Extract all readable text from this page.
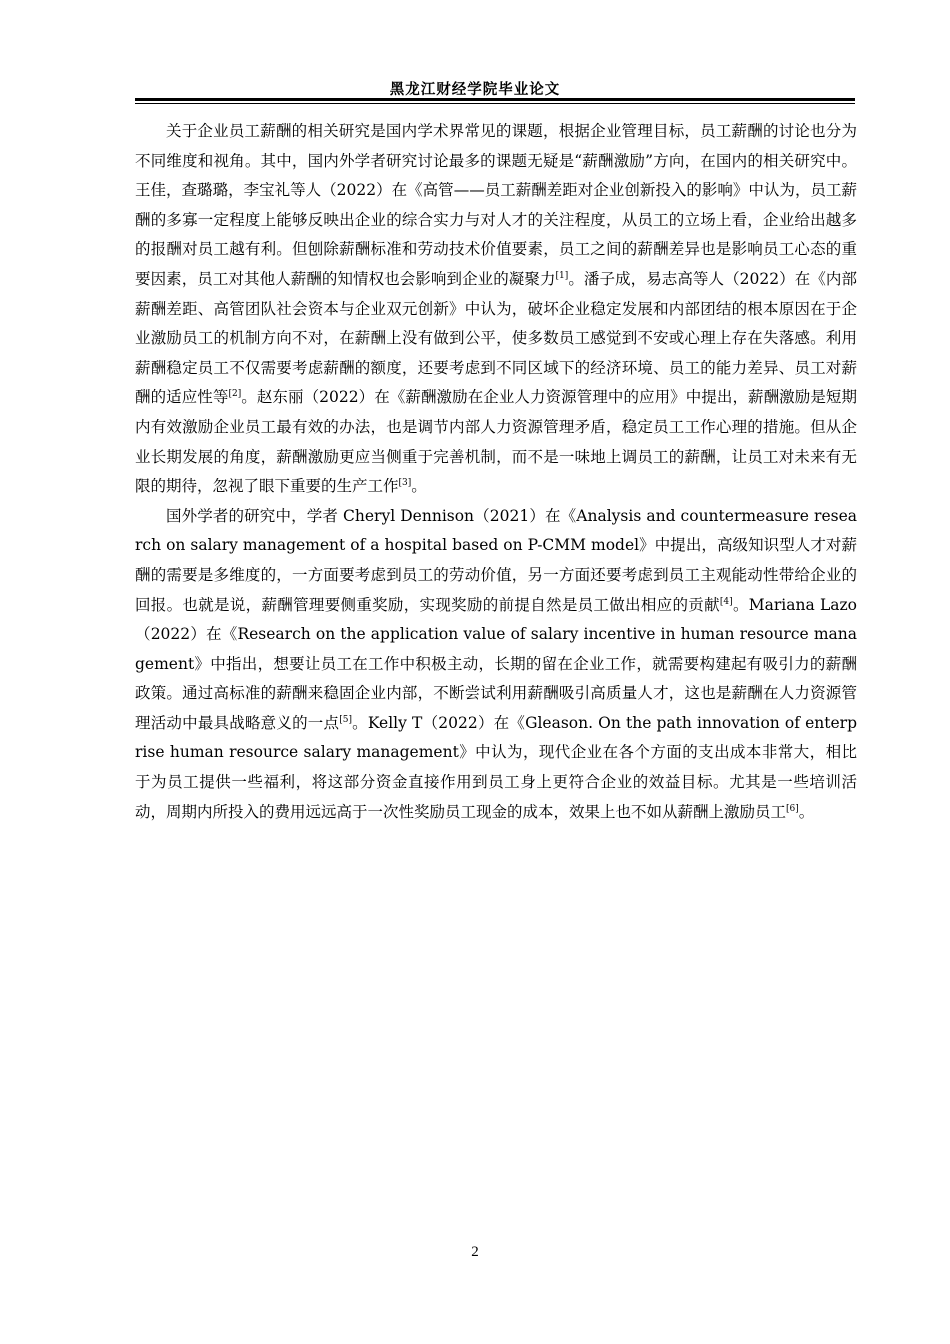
黑龙江财经学院毕业论文

关于企业员工薪酬的相关研究是国内学术界常见的课题，根据企业管理目标，员工薪酬的讨论也分为不同维度和视角。其中，国内外学者研究讨论最多的课题无疑是“薪酬激励”方向，在国内的相关研究中。王佳，查璐璐，李宝礼等人（2022）在《高管——员工薪酬差距对企业创新投入的影响》中认为，员工薪酬的多寡一定程度上能够反映出企业的综合实力与对人才的关注程度，从员工的立场上看，企业给出越多的报酬对员工越有利。但刨除薪酬标准和劳动技术价值要素，员工之间的薪酬差异也是影响员工心态的重要因素，员工对其他人薪酬的知情权也会影响到企业的凝聚力[1]。潘子成，易志高等人（2022）在《内部薪酬差距、高管团队社会资本与企业双元创新》中认为，破坏企业稳定发展和内部团结的根本原因在于企业激励员工的机制方向不对，在薪酬上没有做到公平，使多数员工感觉到不安或心理上存在失落感。利用薪酬稳定员工不仅需要考虑薪酬的额度，还要考虑到不同区域下的经济环境、员工的能力差异、员工对薪酬的适应性等[2]。赵东丽（2022）在《薪酬激励在企业人力资源管理中的应用》中提出，薪酬激励是短期内有效激励企业员工最有效的办法，也是调节内部人力资源管理矛盾，稳定员工工作心理的措施。但从企业长期发展的角度，薪酬激励更应当侧重于完善机制，而不是一味地上调员工的薪酬，让员工对未来有无限的期待，忽视了眼下重要的生产工作[3]。

国外学者的研究中，学者 Cheryl Dennison（2021）在《Analysis and countermeasure research on salary management of a hospital based on P-CMM model》中提出，高级知识型人才对薪酬的需要是多维度的，一方面要考虑到员工的劳动价值，另一方面还要考虑到员工主观能动性带给企业的回报。也就是说，薪酬管理要侧重奖励，实现奖励的前提自然是员工做出相应的贡献[4]。Mariana Lazo（2022）在《Research on the application value of salary incentive in human resource management》中指出，想要让员工在工作中积极主动，长期的留在企业工作，就需要构建起有吸引力的薪酬政策。通过高标准的薪酬来稳固企业内部，不断尝试利用薪酬吸引高质量人才，这也是薪酬在人力资源管理活动中最具战略意义的一点[5]。Kelly T（2022）在《Gleason. On the path innovation of enterprise human resource salary management》中认为，现代企业在各个方面的支出成本非常大，相比于为员工提供一些福利，将这部分资金直接作用到员工身上更符合企业的效益目标。尤其是一些培训活动，周期内所投入的费用远远高于一次性奖励员工现金的成本，效果上也不如从薪酬上激励员工[6]。

2
